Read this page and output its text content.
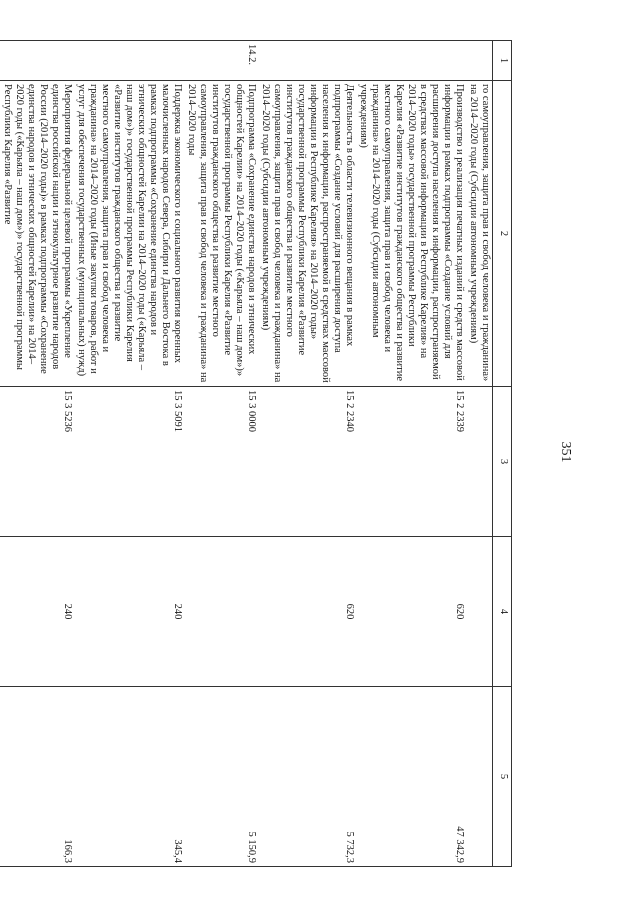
351
1	2	3	4	5
	го самоуправления, защита прав и свобод человека и гражданина» на 2014–2020 годы (Субсидии автономным учреждениям)			
	Производство и реализация печатных изданий и средств массовой информации в рамках подпрограммы «Создание условий для расширения доступа населения к информации, распространяемой в средствах массовой информации в Республике Карелия» на 2014–2020 годы» государственной программы Республики Карелия «Развитие институтов гражданского общества и развитие местного самоуправления, защита прав и свобод человека и гражданина» на 2014–2020 годы (Субсидии автономным учреждениям)	15 2 2339	620	47 342,9
	Деятельность в области телевизионного вещания в рамках подпрограммы «Создание условий для расширения доступа населения к информации, распространяемой в средствах массовой информации в Республике Карелия» на 2014–2020 годы» государственной программы Республики Карелия «Развитие институтов гражданского общества и развитие местного самоуправления, защита прав и свобод человека и гражданина» на 2014–2020 годы (Субсидии автономным учреждениям)	15 2 2340	620	5 732,3
14.2.	Подпрограмма «Сохранение единства народов и этнических общностей Карелии» на 2014–2020 годы («Карьяла – наш дом»)» государственной программы Республики Карелия «Развитие институтов гражданского общества и развитие местного самоуправления, защита прав и свобод человека и гражданина» на 2014–2020 годы	15 3 0000		5 150,9
	Поддержка экономического и социального развития коренных малочисленных народов Севера, Сибири и Дальнего Востока в рамках подпрограммы «Сохранение единства народов и этнических общностей Карелии на 2014–2020 годы («Карьяла – наш дом»)» государственной программы Республики Карелия «Развитие институтов гражданского общества и развитие местного самоуправления, защита прав и свобод человека и гражданина» на 2014–2020 годы (Иные закупки товаров, работ и услуг для обеспечения государственных (муниципальных) нужд)	15 3 5091	240	345,4
	Мероприятия федеральной целевой программы «Укрепление единства российской нации и этнокультурное развитие народов России (2014–2020 годы)» в рамках подпрограммы «Сохранение единства народов и этнических общностей Карелии» на 2014–2020 годы («Карьяла – наш дом»)» государственной программы Республики Карелия «Развитие	15 3 5236	240	166,3
